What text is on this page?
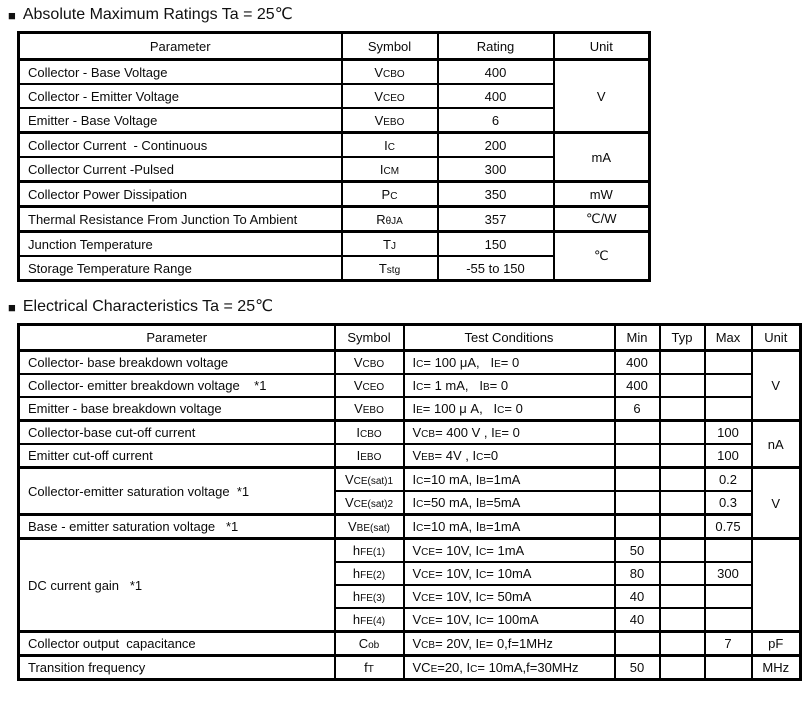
■ Absolute Maximum Ratings Ta = 25℃
Parameter	Symbol	Rating	Unit
Collector - Base Voltage	VCBO	400	V
Collector - Emitter Voltage	VCEO	400	
Emitter - Base Voltage	VEBO	6	
Collector Current  - Continuous	IC	200	mA
Collector Current -Pulsed	ICM	300	
Collector Power Dissipation	PC	350	mW
Thermal Resistance From Junction To Ambient	RθJA	357	℃/W
Junction Temperature	TJ	150	℃
Storage Temperature Range	Tstg	-55 to 150	
■ Electrical Characteristics Ta = 25℃
Parameter	Symbol	Test Conditions	Min	Typ	Max	Unit
Collector- base breakdown voltage	VCBO	IC= 100 μA,   IE= 0	400			V
Collector- emitter breakdown voltage    *1	VCEO	IC= 1 mA,   IB= 0	400			
Emitter - base breakdown voltage	VEBO	IE= 100 μ A,   IC= 0	6			
Collector-base cut-off current	ICBO	VCB= 400 V , IE= 0			100	nA
Emitter cut-off current	IEBO	VEB= 4V , IC=0			100	
Collector-emitter saturation voltage  *1	VCE(sat)1	IC=10 mA, IB=1mA			0.2	V
	VCE(sat)2	IC=50 mA, IB=5mA			0.3	
Base - emitter saturation voltage   *1	VBE(sat)	IC=10 mA, IB=1mA			0.75	
DC current gain   *1	hFE(1)	VCE= 10V, IC= 1mA	50			
	hFE(2)	VCE= 10V, IC= 10mA	80		300	
	hFE(3)	VCE= 10V, IC= 50mA	40			
	hFE(4)	VCE= 10V, IC= 100mA	40			
Collector output  capacitance	Cob	VCB= 20V, IE= 0,f=1MHz			7	pF
Transition frequency	fT	VCE=20, IC= 10mA,f=30MHz	50			MHz
